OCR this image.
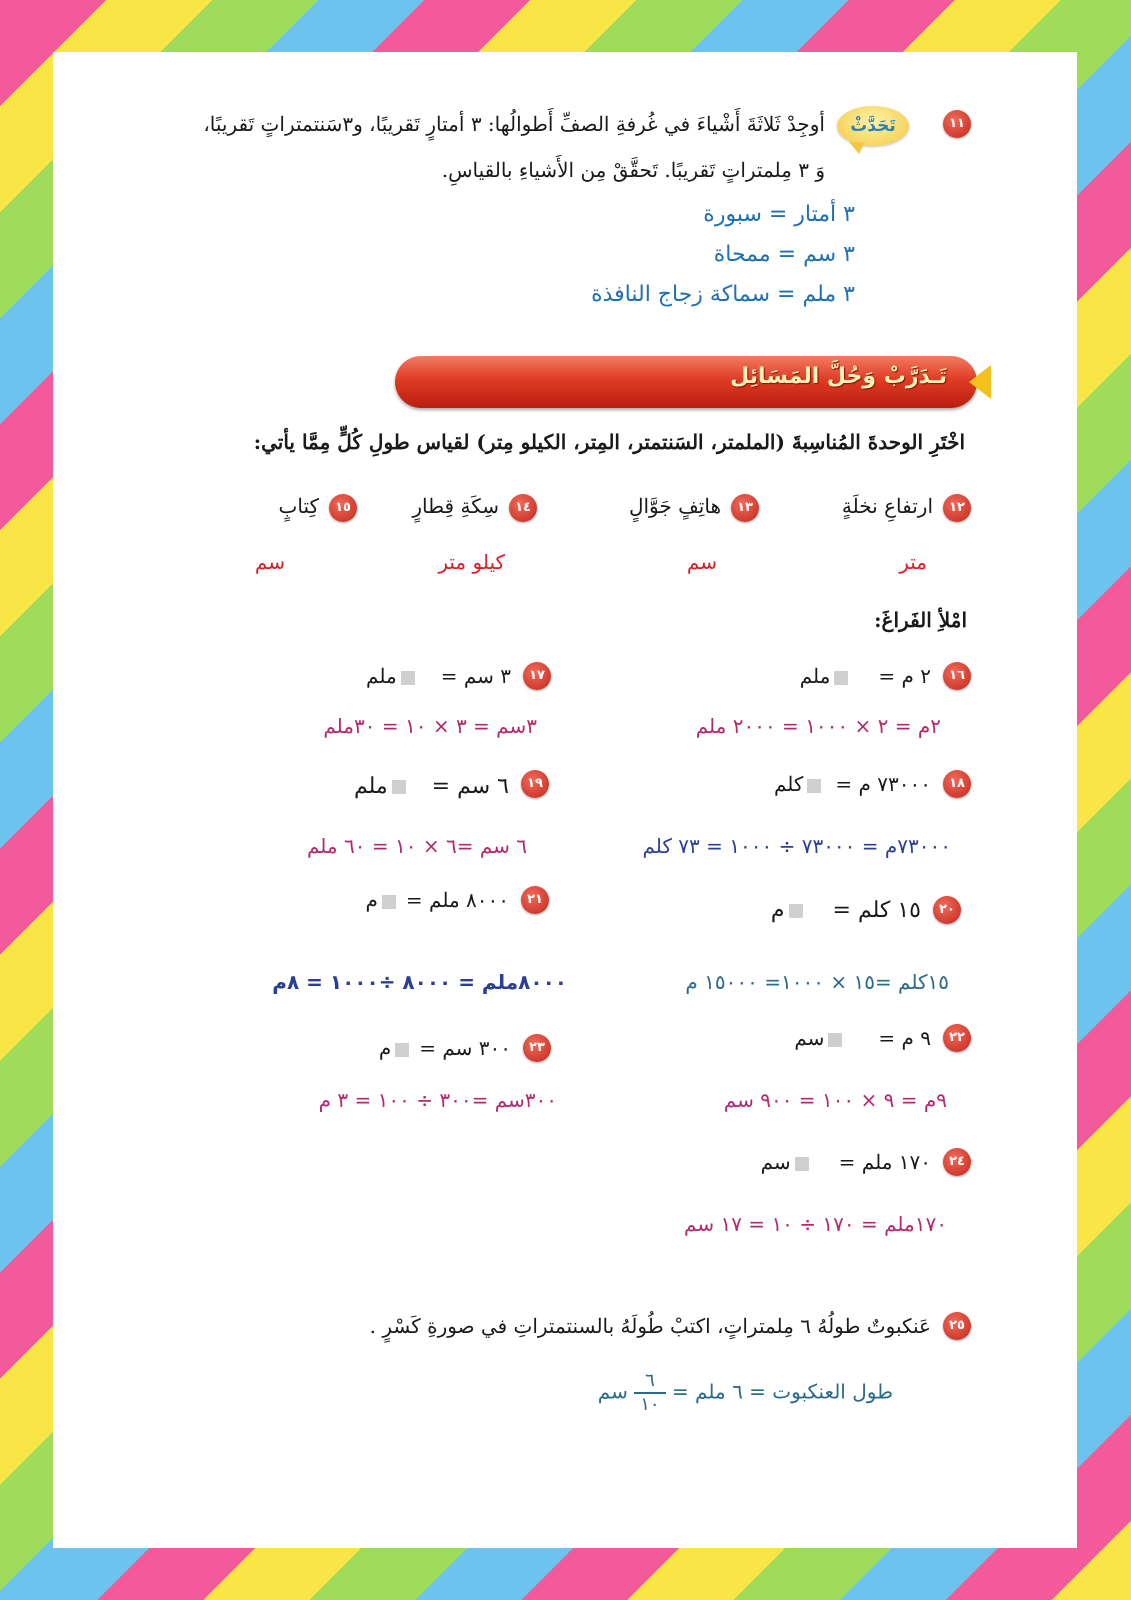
١١
تَحَدَّثْ
أوجِدْ ثَلاثَةَ أَشْياءَ في غُرفةِ الصفِّ أَطوالُها: ٣ أمتارٍ تَقريبًا، و٣سَنتمتراتٍ تَقريبًا،
وَ ٣ مِلمتراتٍ تَقريبًا. تَحقَّقْ مِن الأَشياءِ بالقياسِ.
٣ أمتار = سبورة
٣ سم = ممحاة
٣ ملم = سماكة زجاج النافذة
تَـدَرَّبْ وَحُلَّ المَسَائِل
اخْتَرِ الوحدةَ المُناسِبةَ (الملمتر، السَنتمتر، المِتر، الكيلو مِتر) لقياس طولِ كُلٍّ مِمَّا يأتي:
١٢
ارتفاعِ نخلَةٍ
متر
١٣
هاتِفٍ جَوَّالٍ
سم
١٤
سِكَةِ قِطارٍ
كيلو متر
١٥
كِتابٍ
سم
امْلأِ الفَراغَ:
١٦
٢ م =ملم
٢م = ٢ × ١٠٠٠ = ٢٠٠٠ ملم
١٧
٣ سم =ملم
٣سم = ٣ × ١٠ = ٣٠ملم
١٨
٧٣٠٠٠ م =كلم
٧٣٠٠٠م = ٧٣٠٠٠ ÷ ١٠٠٠ = ٧٣ كلم
١٩
٦ سم =ملم
٦ سم =٦ × ١٠ = ٦٠ ملم
٢٠
١٥ كلم =م
١٥كلم =١٥ × ١٠٠٠= ١٥٠٠٠ م
٢١
٨٠٠٠ ملم =م
٨٠٠٠ملم = ٨٠٠٠ ÷١٠٠٠ = ٨م
٢٢
٩ م =سم
٩م = ٩ × ١٠٠ = ٩٠٠ سم
٢٣
٣٠٠ سم =م
٣٠٠سم =٣٠٠ ÷ ١٠٠ = ٣ م
٢٤
١٧٠ ملم =سم
١٧٠ملم = ١٧٠ ÷ ١٠ = ١٧ سم
٢٥
عَنكبوتٌ طولُهُ ٦ مِلمتراتٍ، اكتبْ طُولَهُ بالسنتمتراتِ في صورةِ كَسْرٍ .
طول العنكبوت = ٦ ملم =
$\frac{٦}{١٠}$
سم
